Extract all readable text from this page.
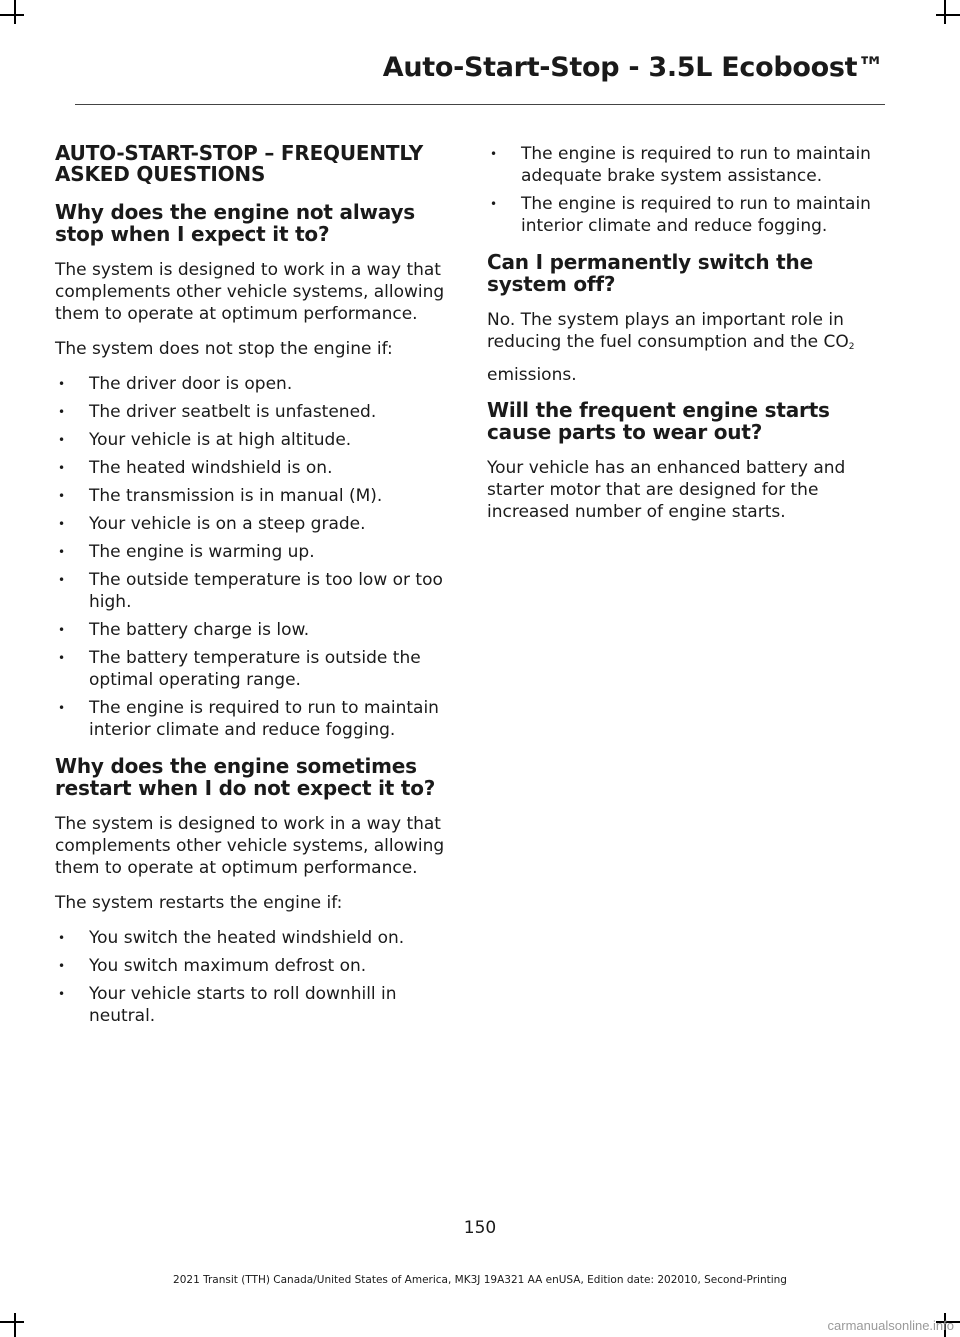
Auto-Start-Stop - 3.5L Ecoboost™
AUTO-START-STOP – FREQUENTLY ASKED QUESTIONS
Why does the engine not always stop when I expect it to?

The system is designed to work in a way that complements other vehicle systems, allowing them to operate at optimum performance.

The system does not stop the engine if:

• The driver door is open.
• The driver seatbelt is unfastened.
• Your vehicle is at high altitude.
• The heated windshield is on.
• The transmission is in manual (M).
• Your vehicle is on a steep grade.
• The engine is warming up.
• The outside temperature is too low or too high.
• The battery charge is low.
• The battery temperature is outside the optimal operating range.
• The engine is required to run to maintain interior climate and reduce fogging.
Why does the engine sometimes restart when I do not expect it to?

The system is designed to work in a way that complements other vehicle systems, allowing them to operate at optimum performance.

The system restarts the engine if:

• You switch the heated windshield on.
• You switch maximum defrost on.
• Your vehicle starts to roll downhill in neutral.
• The engine is required to run to maintain adequate brake system assistance.
• The engine is required to run to maintain interior climate and reduce fogging.
Can I permanently switch the system off?

No. The system plays an important role in reducing the fuel consumption and the $CO_2$
emissions.

Will the frequent engine starts cause parts to wear out?

Your vehicle has an enhanced battery and starter motor that are designed for the increased number of engine starts.

150
2021 Transit (TTH) Canada/United States of America, MK3J 19A321 AA enUSA, Edition date: 202010, Second-Printing
carmanualsonline.info
